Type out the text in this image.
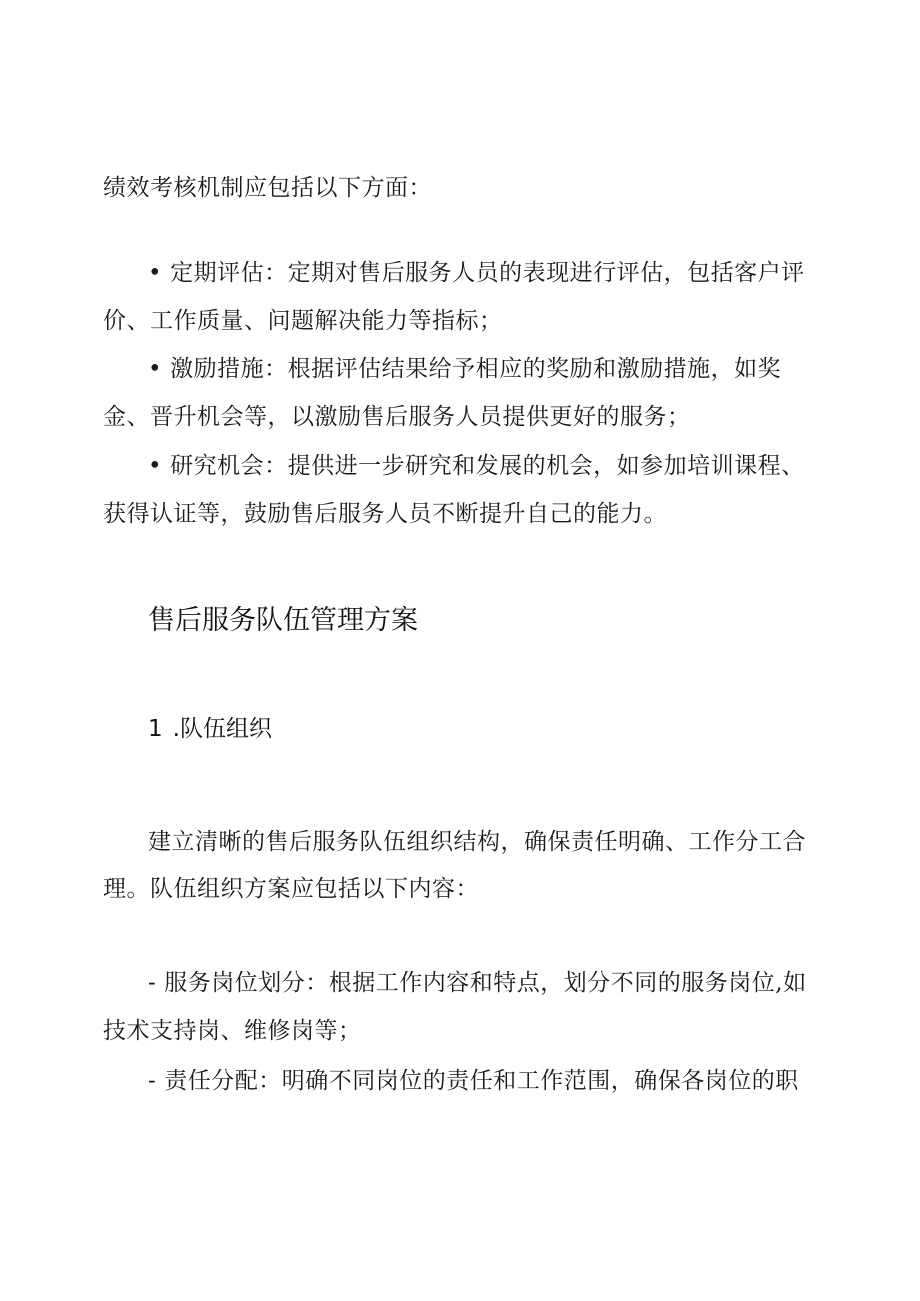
绩效考核机制应包括以下方面：
• 定期评估：定期对售后服务人员的表现进行评估，包括客户评
价、工作质量、问题解决能力等指标；
• 激励措施：根据评估结果给予相应的奖励和激励措施，如奖
金、晋升机会等，以激励售后服务人员提供更好的服务；
• 研究机会：提供进一步研究和发展的机会，如参加培训课程、
获得认证等，鼓励售后服务人员不断提升自己的能力。
售后服务队伍管理方案
1 .队伍组织
建立清晰的售后服务队伍组织结构，确保责任明确、工作分工合
理。队伍组织方案应包括以下内容：
- 服务岗位划分：根据工作内容和特点，划分不同的服务岗位,如
技术支持岗、维修岗等；
- 责任分配：明确不同岗位的责任和工作范围，确保各岗位的职
